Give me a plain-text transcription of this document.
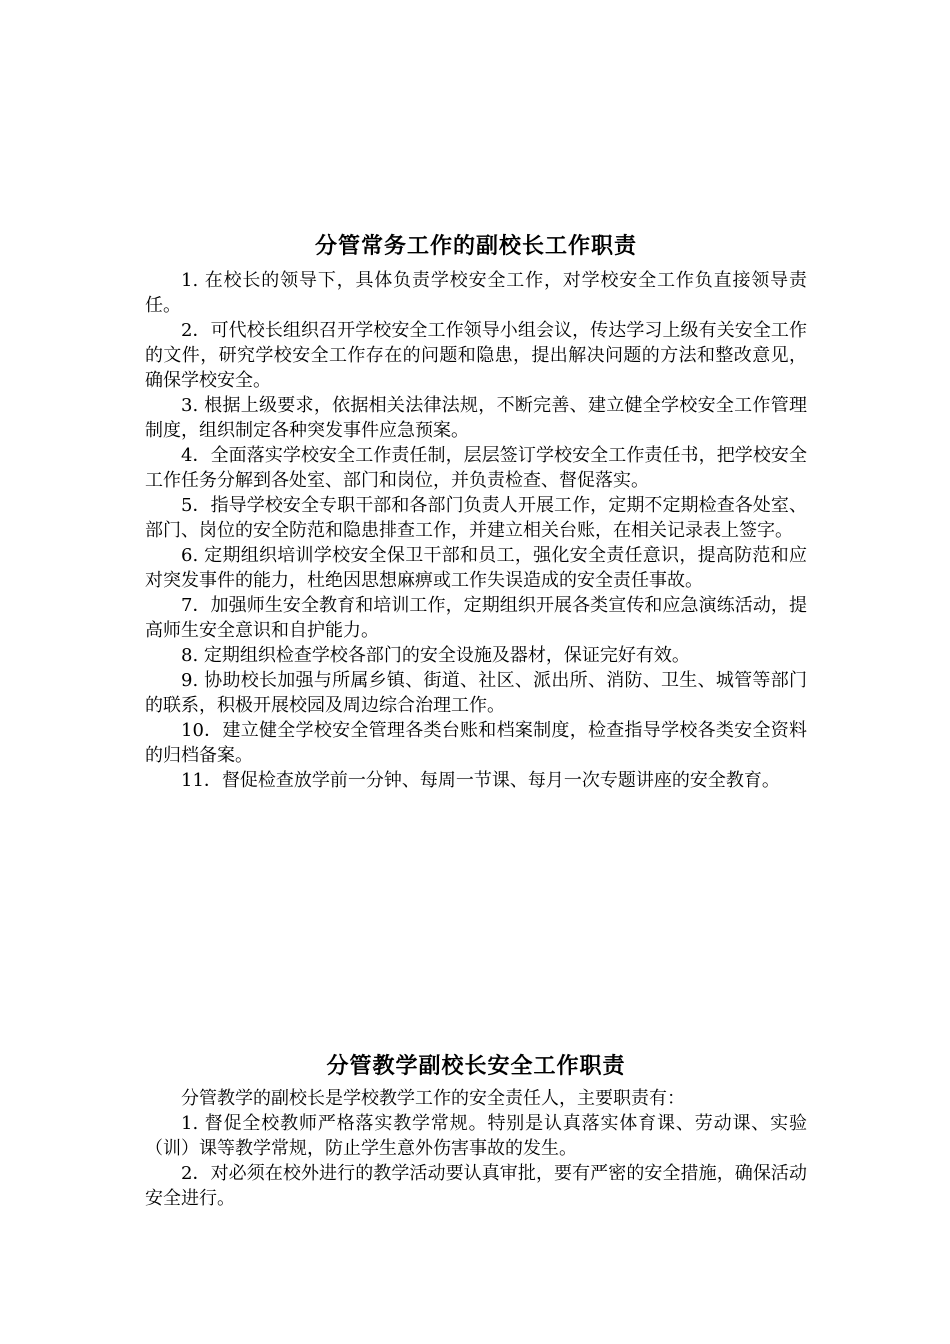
分管常务工作的副校长工作职责

1. 在校长的领导下，具体负责学校安全工作，对学校安全工作负直接领导责任。

2．可代校长组织召开学校安全工作领导小组会议，传达学习上级有关安全工作的文件，研究学校安全工作存在的问题和隐患，提出解决问题的方法和整改意见，确保学校安全。

3. 根据上级要求，依据相关法律法规，不断完善、建立健全学校安全工作管理制度，组织制定各种突发事件应急预案。

4．全面落实学校安全工作责任制，层层签订学校安全工作责任书，把学校安全工作任务分解到各处室、部门和岗位，并负责检查、督促落实。

5．指导学校安全专职干部和各部门负责人开展工作，定期不定期检查各处室、部门、岗位的安全防范和隐患排查工作，并建立相关台账，在相关记录表上签字。

6. 定期组织培训学校安全保卫干部和员工，强化安全责任意识，提高防范和应对突发事件的能力，杜绝因思想麻痹或工作失误造成的安全责任事故。

7．加强师生安全教育和培训工作，定期组织开展各类宣传和应急演练活动，提高师生安全意识和自护能力。

8. 定期组织检查学校各部门的安全设施及器材，保证完好有效。

9. 协助校长加强与所属乡镇、街道、社区、派出所、消防、卫生、城管等部门的联系，积极开展校园及周边综合治理工作。

10．建立健全学校安全管理各类台账和档案制度，检查指导学校各类安全资料的归档备案。

11．督促检查放学前一分钟、每周一节课、每月一次专题讲座的安全教育。

分管教学副校长安全工作职责

分管教学的副校长是学校教学工作的安全责任人，主要职责有：

1. 督促全校教师严格落实教学常规。特别是认真落实体育课、劳动课、实验（训）课等教学常规，防止学生意外伤害事故的发生。

2．对必须在校外进行的教学活动要认真审批，要有严密的安全措施，确保活动安全进行。
